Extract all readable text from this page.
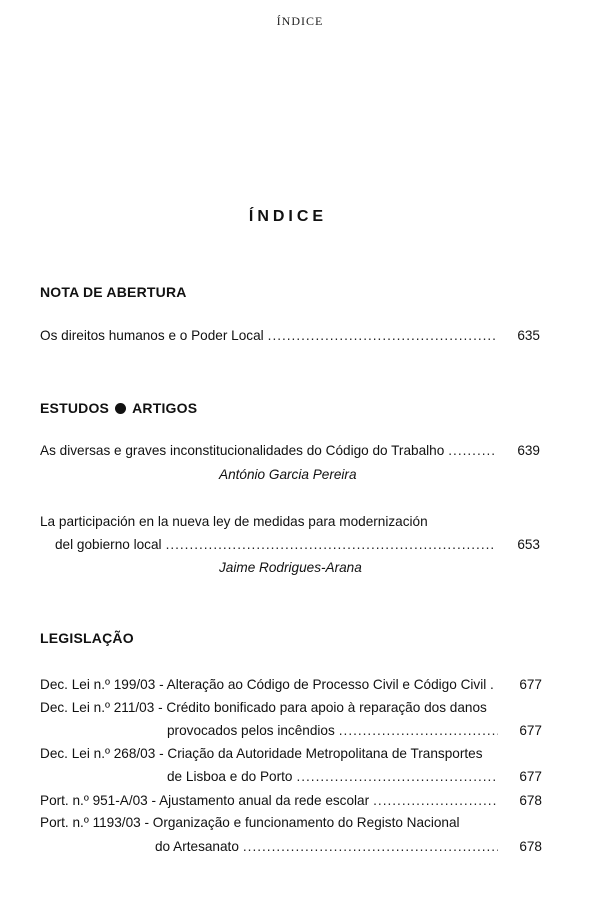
ÍNDICE
ÍNDICE
NOTA DE ABERTURA
Os direitos humanos e o Poder Local .....	635
ESTUDOS ARTIGOS
As diversas e graves inconstitucionalidades do Código do Trabalho .....	639
António Garcia Pereira
La participación en la nueva ley de medidas para modernización
del gobierno local .....	653
Jaime Rodrigues-Arana
LEGISLAÇÃO
Dec. Lei n.º 199/03 - Alteração ao Código de Processo Civil e Código Civil .	677
Dec. Lei n.º 211/03 - Crédito bonificado para apoio à reparação dos danos
provocados pelos incêndios .....	677
Dec. Lei n.º 268/03 - Criação da Autoridade Metropolitana de Transportes
de Lisboa e do Porto .....	677
Port. n.º 951-A/03 - Ajustamento anual da rede escolar .....	678
Port. n.º 1193/03 - Organização e funcionamento do Registo Nacional
do Artesanato .....	678
